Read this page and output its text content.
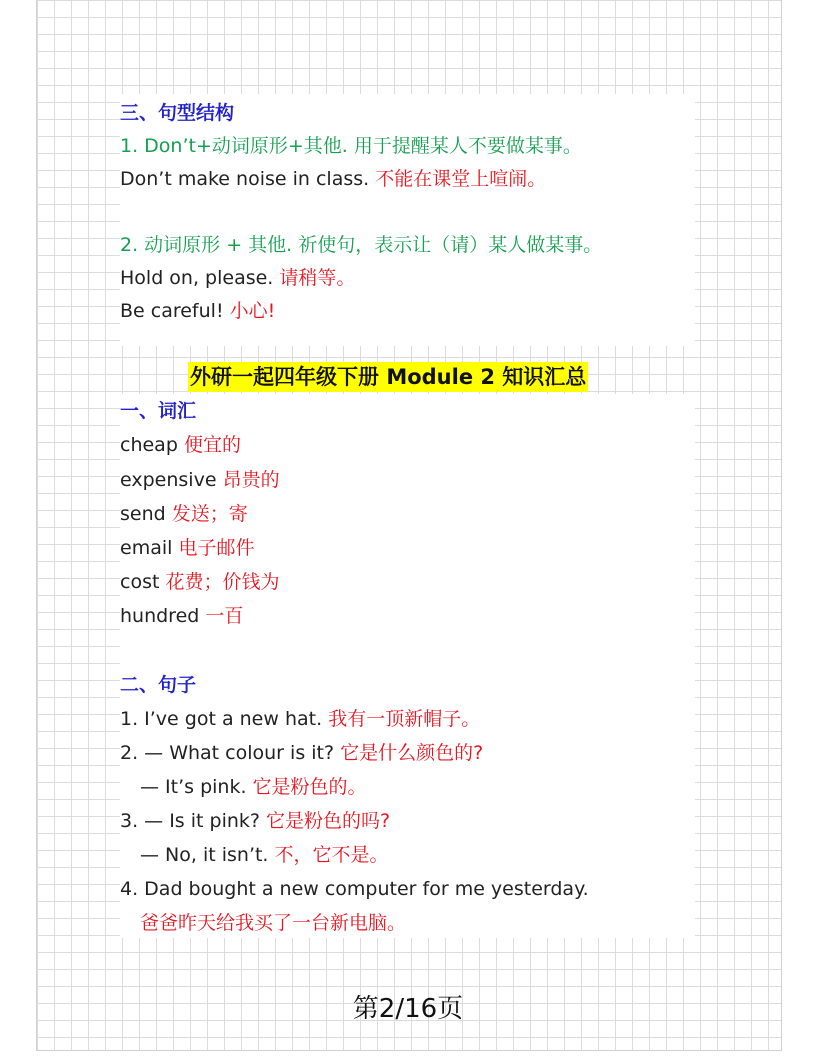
三、句型结构
1. Don’t+动词原形+其他. 用于提醒某人不要做某事。
Don’t make noise in class. 不能在课堂上喧闹。
2. 动词原形 + 其他. 祈使句，表示让（请）某人做某事。
Hold on, please. 请稍等。
Be careful! 小心!
外研一起四年级下册 Module 2 知识汇总
一、词汇
cheap 便宜的
expensive 昂贵的
send 发送；寄
email 电子邮件
cost 花费；价钱为
hundred 一百
二、句子
1. I’ve got a new hat. 我有一顶新帽子。
2. — What colour is it? 它是什么颜色的?
— It’s pink. 它是粉色的。
3. — Is it pink? 它是粉色的吗?
— No, it isn’t. 不，它不是。
4. Dad bought a new computer for me yesterday.
爸爸昨天给我买了一台新电脑。
第2/16页
